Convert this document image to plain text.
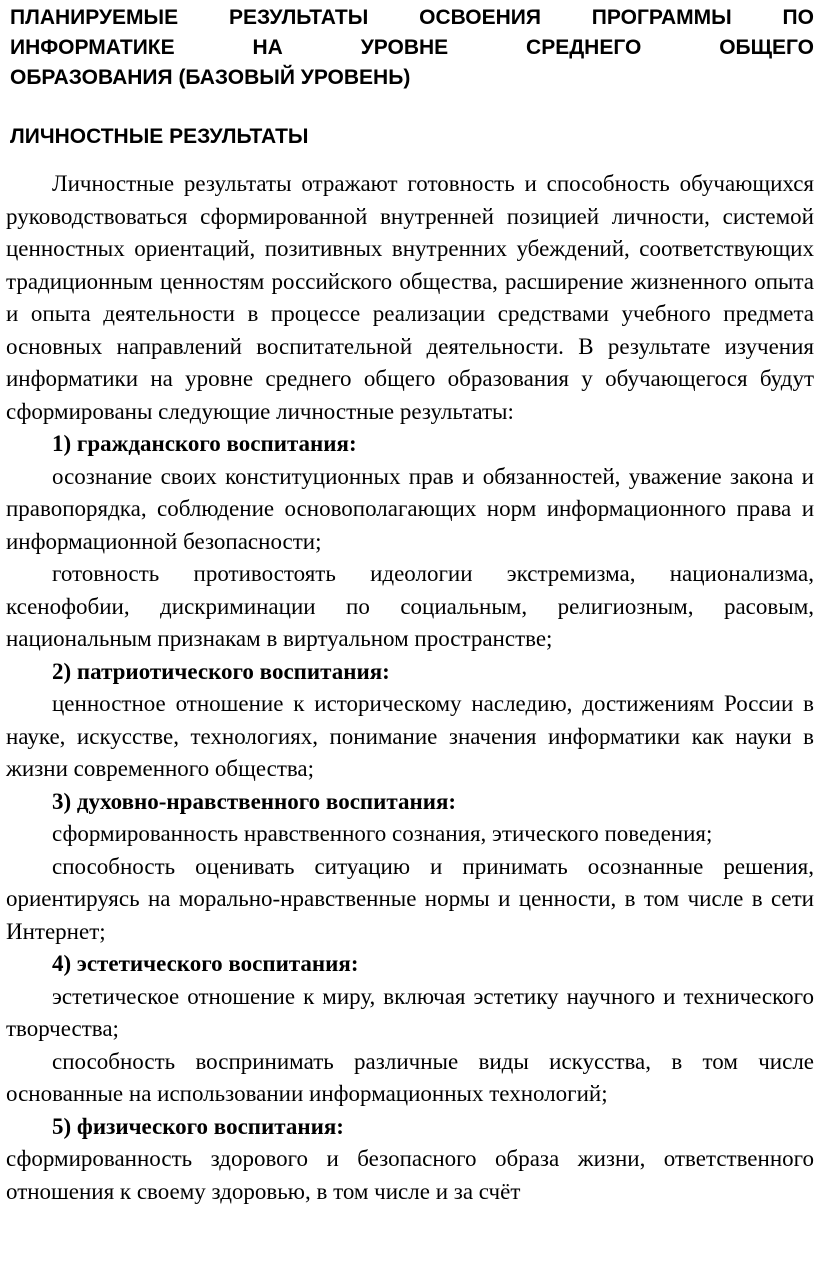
ПЛАНИРУЕМЫЕ РЕЗУЛЬТАТЫ ОСВОЕНИЯ ПРОГРАММЫ ПО
ИНФОРМАТИКЕ НА УРОВНЕ СРЕДНЕГО ОБЩЕГО
ОБРАЗОВАНИЯ (БАЗОВЫЙ УРОВЕНЬ)
ЛИЧНОСТНЫЕ РЕЗУЛЬТАТЫ

Личностные результаты отражают готовность и способность обучающихся руководствоваться сформированной внутренней позицией личности, системой ценностных ориентаций, позитивных внутренних убеждений, соответствующих традиционным ценностям российского общества, расширение жизненного опыта и опыта деятельности в процессе реализации средствами учебного предмета основных направлений воспитательной деятельности. В результате изучения информатики на уровне среднего общего образования у обучающегося будут сформированы следующие личностные результаты:

1) гражданского воспитания:

осознание своих конституционных прав и обязанностей, уважение закона и правопорядка, соблюдение основополагающих норм информационного права и информационной безопасности;

готовность противостоять идеологии экстремизма, национализма, ксенофобии, дискриминации по социальным, религиозным, расовым, национальным признакам в виртуальном пространстве;

2) патриотического воспитания:

ценностное отношение к историческому наследию, достижениям России в науке, искусстве, технологиях, понимание значения информатики как науки в жизни современного общества;

3) духовно-нравственного воспитания:

сформированность нравственного сознания, этического поведения;

способность оценивать ситуацию и принимать осознанные решения, ориентируясь на морально-нравственные нормы и ценности, в том числе в сети Интернет;

4) эстетического воспитания:

эстетическое отношение к миру, включая эстетику научного и технического творчества;

способность воспринимать различные виды искусства, в том числе основанные на использовании информационных технологий;

5) физического воспитания:

сформированность здорового и безопасного образа жизни, ответственного отношения к своему здоровью, в том числе и за счёт
